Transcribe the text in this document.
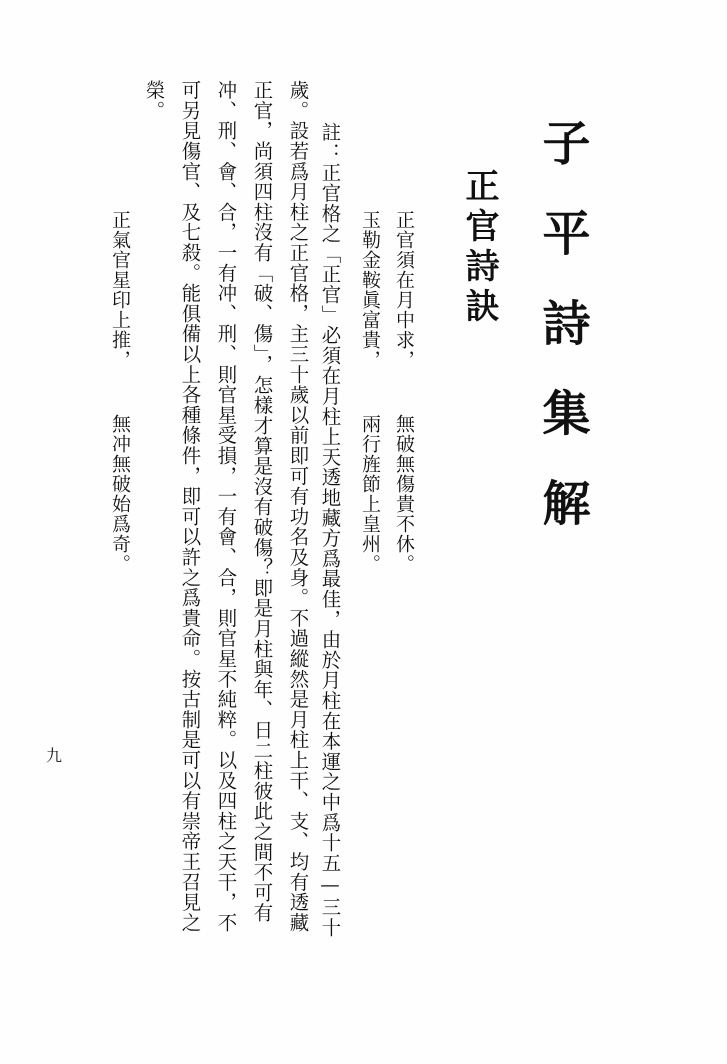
子平詩集解
正官詩訣
正官須在月中求，
無破無傷貴不休。
玉勒金鞍眞富貴，
兩行旌節上皇州。
註：正官格之「正官」必須在月柱上天透地藏方爲最佳，由於月柱在本運之中爲十五—三十
歲。設若爲月柱之正官格，主三十歲以前即可有功名及身。不過縱然是月柱上干、支、均有透藏
正官，尚須四柱沒有「破、傷」，怎樣才算是沒有破傷？即是月柱與年、日二柱彼此之間不可有
冲、刑、會、合，一有冲、刑、則官星受損，一有會、合，則官星不純粹。以及四柱之天干，不
可另見傷官、及七殺。能俱備以上各種條件，即可以許之爲貴命。按古制是可以有崇帝王召見之
榮。
正氣官星印上推，
無冲無破始爲奇。
九
